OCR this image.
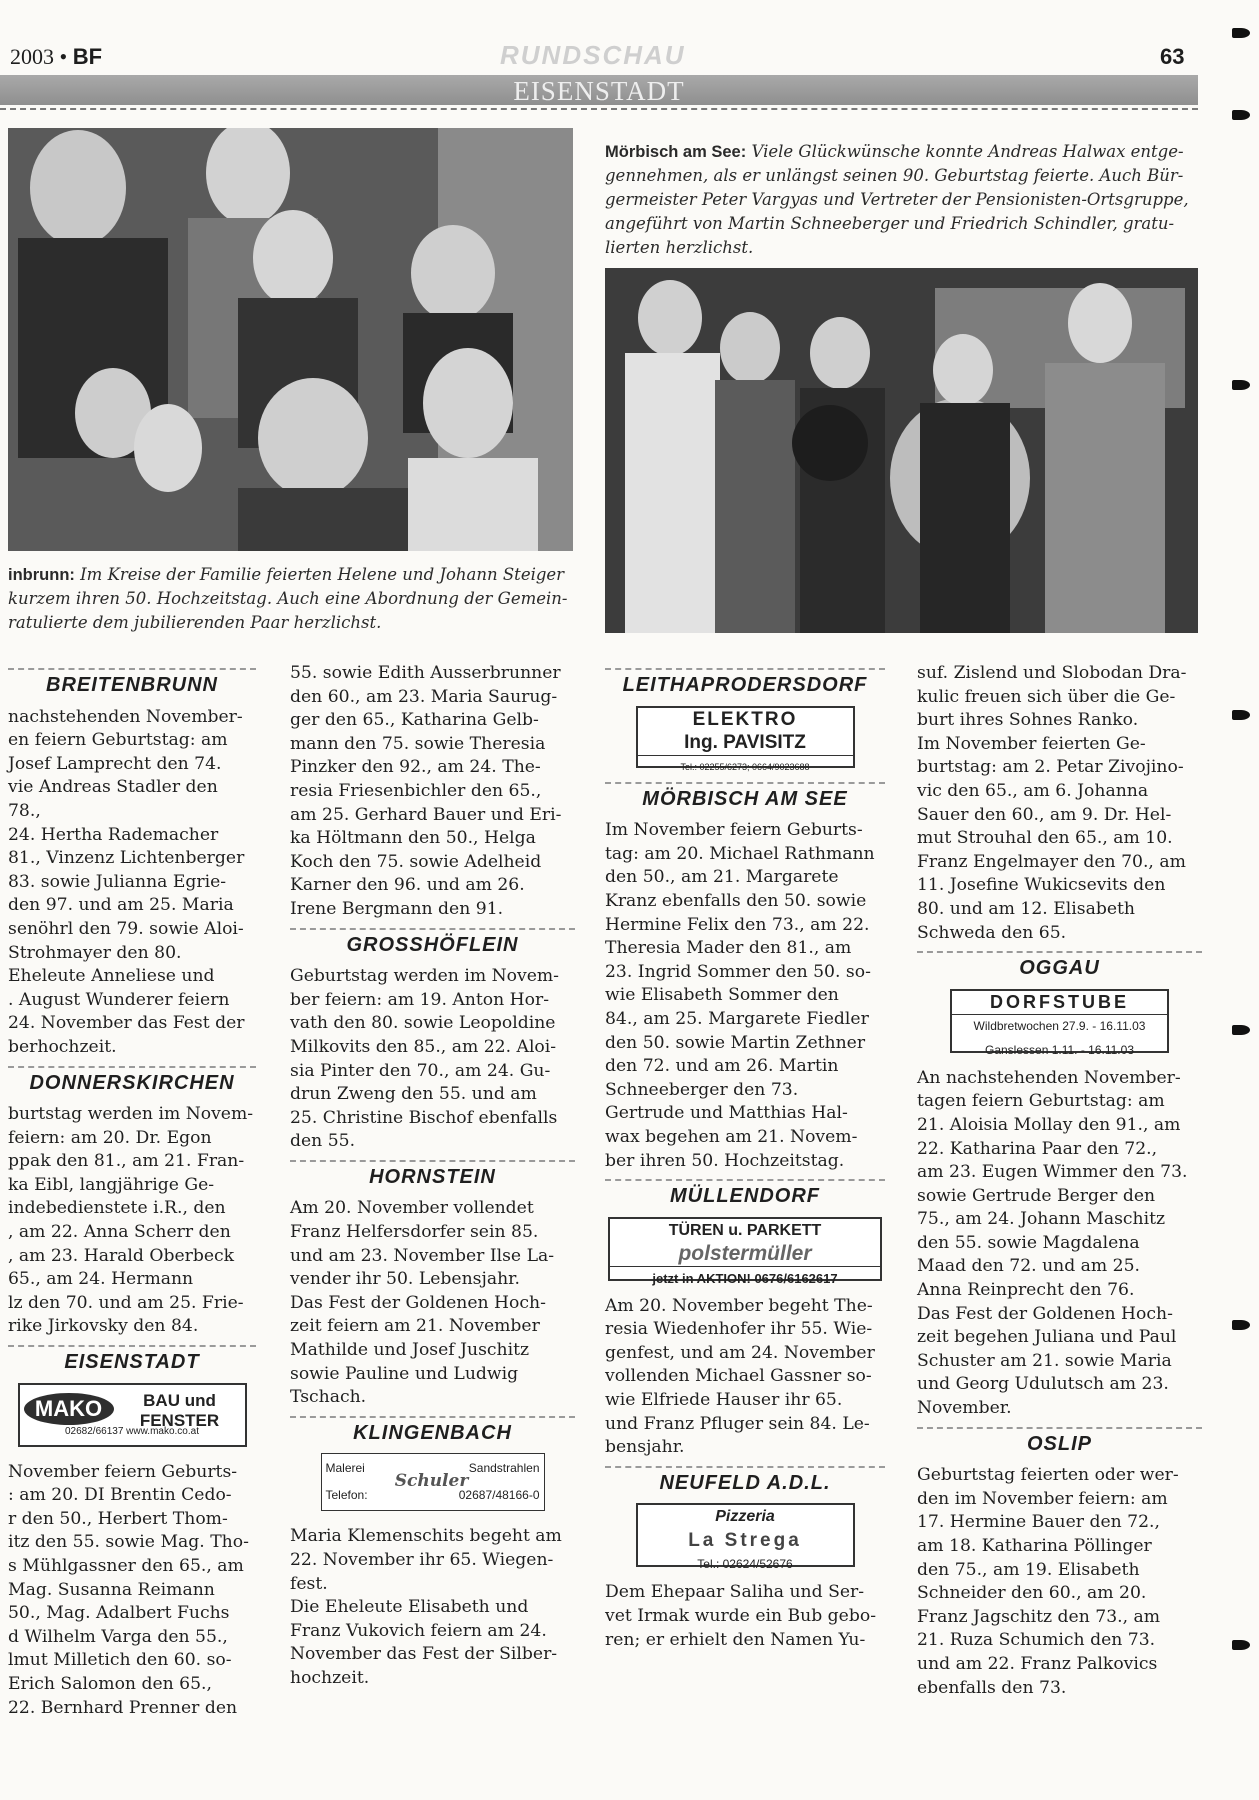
2003 • BF	RUNDSCHAU	63
EISENSTADT
inbrunn: Im Kreise der Familie feierten Helene und Johann Steiger
kurzem ihren 50. Hochzeitstag. Auch eine Abordnung der Gemein-
ratulierte dem jubilierenden Paar herzlichst.
Mörbisch am See: Viele Glückwünsche konnte Andreas Halwax entge-
gennehmen, als er unlängst seinen 90. Geburtstag feierte. Auch Bür-
germeister Peter Vargyas und Vertreter der Pensionisten-Ortsgruppe,
angeführt von Martin Schneeberger und Friedrich Schindler, gratu-
lierten herzlichst.
BREITENBRUNN

nachstehenden November-
en feiern Geburtstag: am
Josef Lamprecht den 74.
vie Andreas Stadler den 78.,
24. Hertha Rademacher
81., Vinzenz Lichtenberger
83. sowie Julianna Egrie-
den 97. und am 25. Maria
senöhrl den 79. sowie Aloi-
Strohmayer den 80.
Eheleute Anneliese und
. August Wunderer feiern
24. November das Fest der
berhochzeit.

DONNERSKIRCHEN

burtstag werden im Novem-
feiern: am 20. Dr. Egon
ppak den 81., am 21. Fran-
ka Eibl, langjährige Ge-
indebedienstete i.R., den
, am 22. Anna Scherr den
, am 23. Harald Oberbeck
65., am 24. Hermann
lz den 70. und am 25. Frie-
rike Jirkovsky den 84.

EISENSTADT
MAKO	BAU und
FENSTER
02682/66137 www.mako.co.at

November feiern Geburts-
: am 20. DI Brentin Cedo-
r den 50., Herbert Thom-
itz den 55. sowie Mag. Tho-
s Mühlgassner den 65., am
Mag. Susanna Reimann
50., Mag. Adalbert Fuchs
d Wilhelm Varga den 55.,
lmut Milletich den 60. so-
Erich Salomon den 65.,
22. Bernhard Prenner den

55. sowie Edith Ausserbrunner
den 60., am 23. Maria Saurug-
ger den 65., Katharina Gelb-
mann den 75. sowie Theresia
Pinzker den 92., am 24. The-
resia Friesenbichler den 65.,
am 25. Gerhard Bauer und Eri-
ka Höltmann den 50., Helga
Koch den 75. sowie Adelheid
Karner den 96. und am 26.
Irene Bergmann den 91.

GROSSHÖFLEIN

Geburtstag werden im Novem-
ber feiern: am 19. Anton Hor-
vath den 80. sowie Leopoldine
Milkovits den 85., am 22. Aloi-
sia Pinter den 70., am 24. Gu-
drun Zweng den 55. und am
25. Christine Bischof ebenfalls
den 55.

HORNSTEIN

Am 20. November vollendet
Franz Helfersdorfer sein 85.
und am 23. November Ilse La-
vender ihr 50. Lebensjahr.
Das Fest der Goldenen Hoch-
zeit feiern am 21. November
Mathilde und Josef Juschitz
sowie Pauline und Ludwig
Tschach.

KLINGENBACH
Malerei	Sandstrahlen
Schuler
Telefon:	02687/48166-0

Maria Klemenschits begeht am
22. November ihr 65. Wiegen-
fest.
Die Eheleute Elisabeth und
Franz Vukovich feiern am 24.
November das Fest der Silber-
hochzeit.

LEITHAPRODERSDORF
ELEKTRO
Ing. PAVISITZ
Tel.: 02255/6273; 0664/9023688
MÖRBISCH AM SEE

Im November feiern Geburts-
tag: am 20. Michael Rathmann
den 50., am 21. Margarete
Kranz ebenfalls den 50. sowie
Hermine Felix den 73., am 22.
Theresia Mader den 81., am
23. Ingrid Sommer den 50. so-
wie Elisabeth Sommer den
84., am 25. Margarete Fiedler
den 50. sowie Martin Zethner
den 72. und am 26. Martin
Schneeberger den 73.
Gertrude und Matthias Hal-
wax begehen am 21. Novem-
ber ihren 50. Hochzeitstag.

MÜLLENDORF
TÜREN u. PARKETT
polstermüller
jetzt in AKTION! 0676/6162617

Am 20. November begeht The-
resia Wiedenhofer ihr 55. Wie-
genfest, und am 24. November
vollenden Michael Gassner so-
wie Elfriede Hauser ihr 65.
und Franz Pfluger sein 84. Le-
bensjahr.

NEUFELD A.D.L.
Pizzeria
La Strega
Tel.: 02624/52676

Dem Ehepaar Saliha und Ser-
vet Irmak wurde ein Bub gebo-
ren; er erhielt den Namen Yu-

suf. Zislend und Slobodan Dra-
kulic freuen sich über die Ge-
burt ihres Sohnes Ranko.
Im November feierten Ge-
burtstag: am 2. Petar Zivojino-
vic den 65., am 6. Johanna
Sauer den 60., am 9. Dr. Hel-
mut Strouhal den 65., am 10.
Franz Engelmayer den 70., am
11. Josefine Wukicsevits den
80. und am 12. Elisabeth
Schweda den 65.

OGGAU
DORFSTUBE
Wildbretwochen 27.9. - 16.11.03
Ganslessen 1.11. - 16.11.03

An nachstehenden November-
tagen feiern Geburtstag: am
21. Aloisia Mollay den 91., am
22. Katharina Paar den 72.,
am 23. Eugen Wimmer den 73.
sowie Gertrude Berger den
75., am 24. Johann Maschitz
den 55. sowie Magdalena
Maad den 72. und am 25.
Anna Reinprecht den 76.
Das Fest der Goldenen Hoch-
zeit begehen Juliana und Paul
Schuster am 21. sowie Maria
und Georg Udulutsch am 23.
November.

OSLIP

Geburtstag feierten oder wer-
den im November feiern: am
17. Hermine Bauer den 72.,
am 18. Katharina Pöllinger
den 75., am 19. Elisabeth
Schneider den 60., am 20.
Franz Jagschitz den 73., am
21. Ruza Schumich den 73.
und am 22. Franz Palkovics
ebenfalls den 73.
